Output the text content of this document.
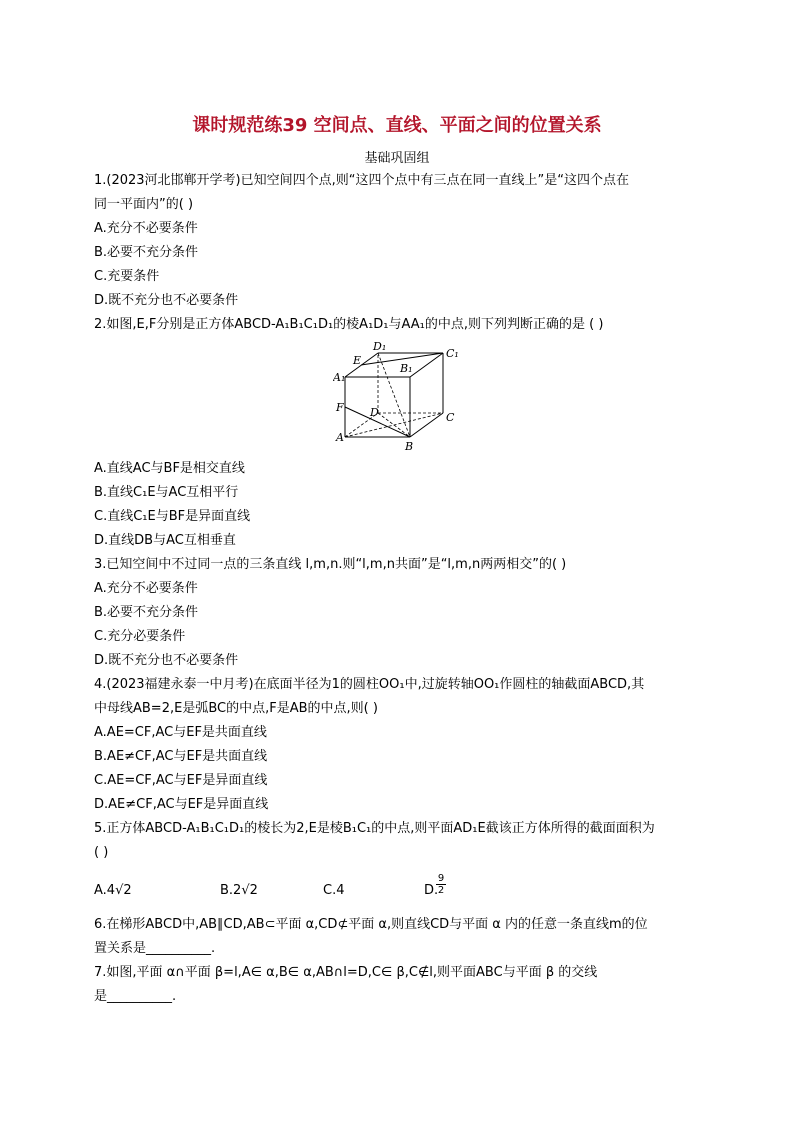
课时规范练39 空间点、直线、平面之间的位置关系
基础巩固组
1.(2023河北邯郸开学考)已知空间四个点,则“这四个点中有三点在同一直线上”是“这四个点在
同一平面内”的( )
A.充分不必要条件
B.必要不充分条件
C.充要条件
D.既不充分也不必要条件
2.如图,E,F分别是正方体ABCD-A₁B₁C₁D₁的棱A₁D₁与AA₁的中点,则下列判断正确的是 ( )
D₁
C₁
E
B₁
A₁
F D	C
A
B
A.直线AC与BF是相交直线
B.直线C₁E与AC互相平行
C.直线C₁E与BF是异面直线
D.直线DB与AC互相垂直
3.已知空间中不过同一点的三条直线 l,m,n.则“l,m,n共面”是“l,m,n两两相交”的( )
A.充分不必要条件
B.必要不充分条件
C.充分必要条件
D.既不充分也不必要条件
4.(2023福建永泰一中月考)在底面半径为1的圆柱OO₁中,过旋转轴OO₁作圆柱的轴截面ABCD,其
中母线AB=2,E是弧BC的中点,F是AB的中点,则( )
A.AE=CF,AC与EF是共面直线
B.AE≠CF,AC与EF是共面直线
C.AE=CF,AC与EF是异面直线
D.AE≠CF,AC与EF是异面直线
5.正方体ABCD-A₁B₁C₁D₁的棱长为2,E是棱B₁C₁的中点,则平面AD₁E截该正方体所得的截面面积为
( )
A.4√2	B.2√2	C.4	D.
$\frac{9}{2}$
6.在梯形ABCD中,AB∥CD,AB⊂平面 α,CD⊄平面 α,则直线CD与平面 α 内的任意一条直线m的位
置关系是__________.
7.如图,平面 α∩平面 β=l,A∈ α,B∈ α,AB∩l=D,C∈ β,C∉l,则平面ABC与平面 β 的交线
是__________.
